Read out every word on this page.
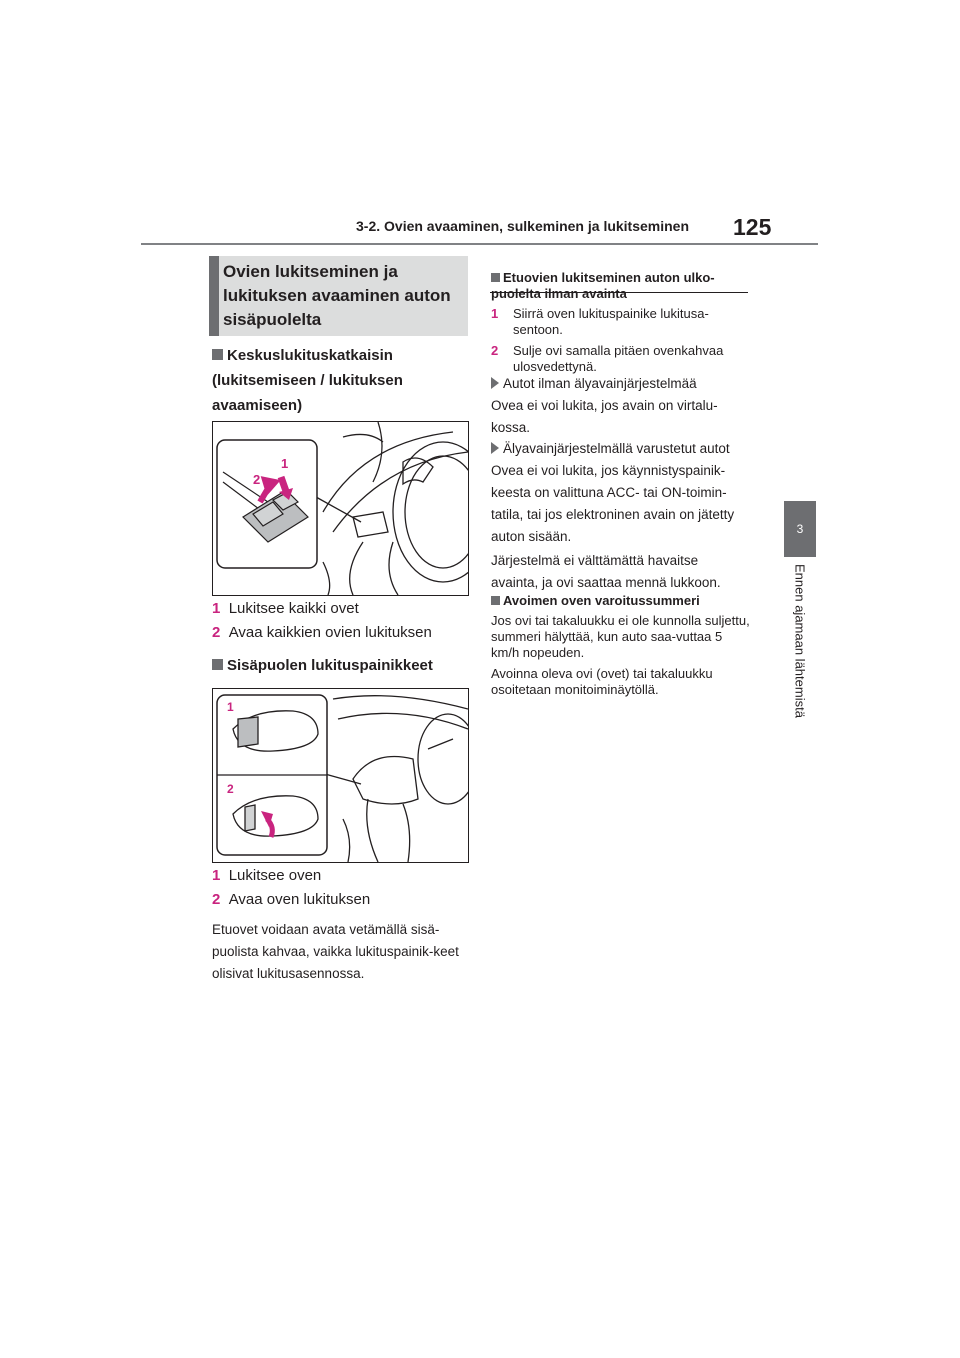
3-2. Ovien avaaminen, sulkeminen ja lukitseminen 125
3
Ennen ajamaan lähtemistä
Ovien lukitseminen ja lukituksen avaaminen auton sisäpuolelta
Keskuslukituskatkaisin (lukitsemiseen / lukituksen avaamiseen)
1
2
1 Lukitsee kaikki ovet
2 Avaa kaikkien ovien lukituksen
Sisäpuolen lukituspainikkeet
1
2
1 Lukitsee oven
2 Avaa oven lukituksen
Etuovet voidaan avata vetämällä sisä-puolista kahvaa, vaikka lukituspainik-keet olisivat lukitusasennossa.
Etuovien lukitseminen auton ulko-puolelta ilman avainta
1	Siirrä oven lukituspainike lukitusa-sentoon.
2	Sulje ovi samalla pitäen ovenkahvaa ulosvedettynä.
Autot ilman älyavainjärjestelmää
Ovea ei voi lukita, jos avain on virtalu-kossa.
Älyavainjärjestelmällä varustetut autot
Ovea ei voi lukita, jos käynnistyspainik-keesta on valittuna ACC- tai ON-toimin-tatila, tai jos elektroninen avain on jätetty auton sisään.
Järjestelmä ei välttämättä havaitse avainta, ja ovi saattaa mennä lukkoon.
Avoimen oven varoitussummeri
Jos ovi tai takaluukku ei ole kunnolla suljettu, summeri hälyttää, kun auto saa-vuttaa 5 km/h nopeuden.
Avoinna oleva ovi (ovet) tai takaluukku osoitetaan monitoiminäytöllä.
